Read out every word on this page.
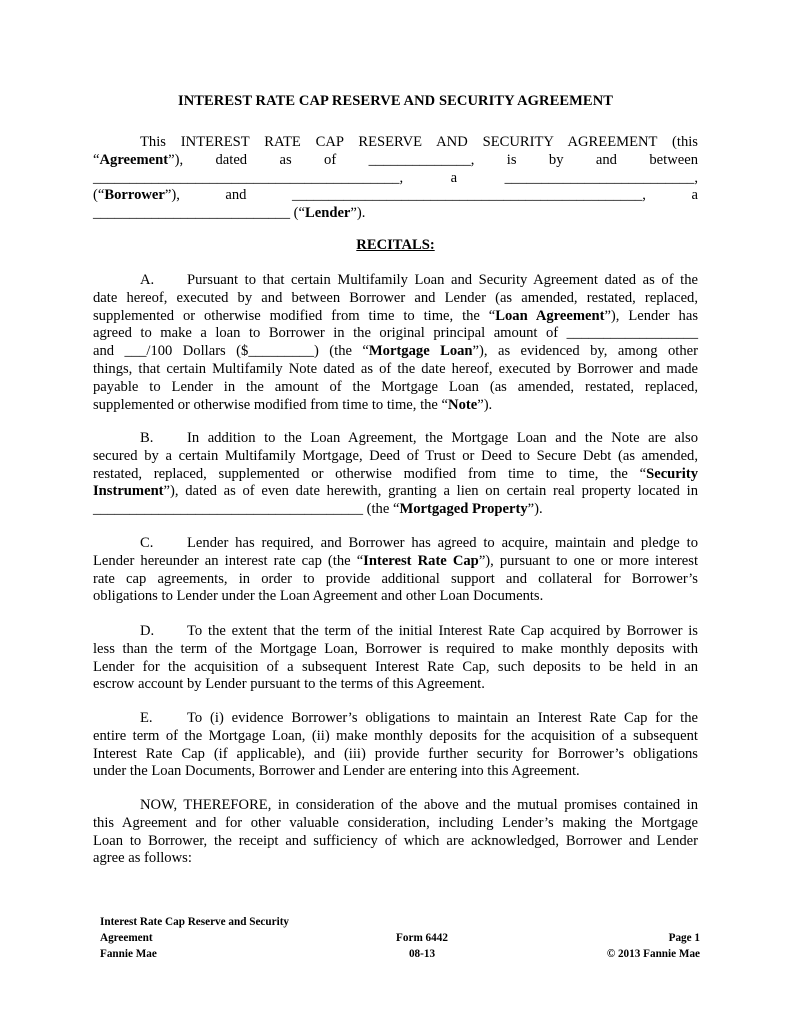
INTEREST RATE CAP RESERVE AND SECURITY AGREEMENT
This INTEREST RATE CAP RESERVE AND SECURITY AGREEMENT (this
“Agreement”), dated as of ______________, is by and between
__________________________________________, a __________________________,
(“Borrower”), and ________________________________________________, a
___________________________ (“Lender”).
RECITALS:
A. Pursuant to that certain Multifamily Loan and Security Agreement dated as of the
date hereof, executed by and between Borrower and Lender (as amended, restated, replaced,
supplemented or otherwise modified from time to time, the “Loan Agreement”), Lender has
agreed to make a loan to Borrower in the original principal amount of __________________
and ___/100 Dollars ($_________) (the “Mortgage Loan”), as evidenced by, among other
things, that certain Multifamily Note dated as of the date hereof, executed by Borrower and made
payable to Lender in the amount of the Mortgage Loan (as amended, restated, replaced,
supplemented or otherwise modified from time to time, the “Note”).
B. In addition to the Loan Agreement, the Mortgage Loan and the Note are also
secured by a certain Multifamily Mortgage, Deed of Trust or Deed to Secure Debt (as amended,
restated, replaced, supplemented or otherwise modified from time to time, the “Security
Instrument”), dated as of even date herewith, granting a lien on certain real property located in
_____________________________________ (the “Mortgaged Property”).
C. Lender has required, and Borrower has agreed to acquire, maintain and pledge to
Lender hereunder an interest rate cap (the “Interest Rate Cap”), pursuant to one or more interest
rate cap agreements, in order to provide additional support and collateral for Borrower’s
obligations to Lender under the Loan Agreement and other Loan Documents.
D. To the extent that the term of the initial Interest Rate Cap acquired by Borrower is
less than the term of the Mortgage Loan, Borrower is required to make monthly deposits with
Lender for the acquisition of a subsequent Interest Rate Cap, such deposits to be held in an
escrow account by Lender pursuant to the terms of this Agreement.
E. To (i) evidence Borrower’s obligations to maintain an Interest Rate Cap for the
entire term of the Mortgage Loan, (ii) make monthly deposits for the acquisition of a subsequent
Interest Rate Cap (if applicable), and (iii) provide further security for Borrower’s obligations
under the Loan Documents, Borrower and Lender are entering into this Agreement.
NOW, THEREFORE, in consideration of the above and the mutual promises contained in
this Agreement and for other valuable consideration, including Lender’s making the Mortgage
Loan to Borrower, the receipt and sufficiency of which are acknowledged, Borrower and Lender
agree as follows:
Interest Rate Cap Reserve and Security
Agreement
Fannie Mae
Form 6442
08-13
Page 1
© 2013 Fannie Mae
